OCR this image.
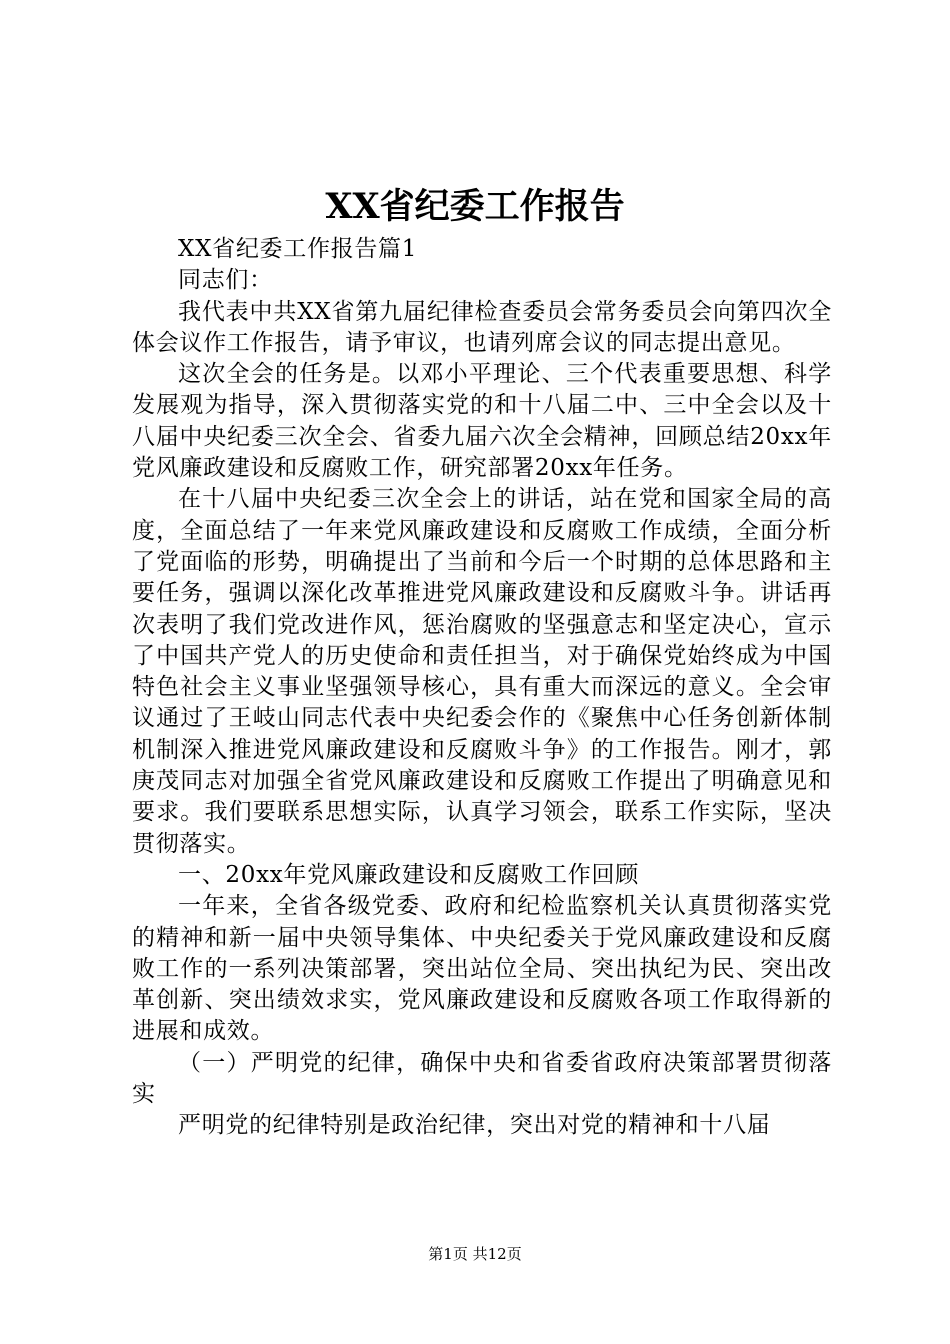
XX省纪委工作报告

XX省纪委工作报告篇1

同志们：

我代表中共XX省第九届纪律检查委员会常务委员会向第四次全体会议作工作报告，请予审议，也请列席会议的同志提出意见。

这次全会的任务是。以邓小平理论、三个代表重要思想、科学发展观为指导，深入贯彻落实党的和十八届二中、三中全会以及十八届中央纪委三次全会、省委九届六次全会精神，回顾总结20xx年党风廉政建设和反腐败工作，研究部署20xx年任务。

在十八届中央纪委三次全会上的讲话，站在党和国家全局的高度，全面总结了一年来党风廉政建设和反腐败工作成绩，全面分析了党面临的形势，明确提出了当前和今后一个时期的总体思路和主要任务，强调以深化改革推进党风廉政建设和反腐败斗争。讲话再次表明了我们党改进作风，惩治腐败的坚强意志和坚定决心，宣示了中国共产党人的历史使命和责任担当，对于确保党始终成为中国特色社会主义事业坚强领导核心，具有重大而深远的意义。全会审议通过了王岐山同志代表中央纪委会作的《聚焦中心任务创新体制机制深入推进党风廉政建设和反腐败斗争》的工作报告。刚才，郭庚茂同志对加强全省党风廉政建设和反腐败工作提出了明确意见和要求。我们要联系思想实际，认真学习领会，联系工作实际，坚决贯彻落实。

一、20xx年党风廉政建设和反腐败工作回顾

一年来，全省各级党委、政府和纪检监察机关认真贯彻落实党的精神和新一届中央领导集体、中央纪委关于党风廉政建设和反腐败工作的一系列决策部署，突出站位全局、突出执纪为民、突出改革创新、突出绩效求实，党风廉政建设和反腐败各项工作取得新的进展和成效。

（一）严明党的纪律，确保中央和省委省政府决策部署贯彻落实

严明党的纪律特别是政治纪律，突出对党的精神和十八届

第1页 共12页
